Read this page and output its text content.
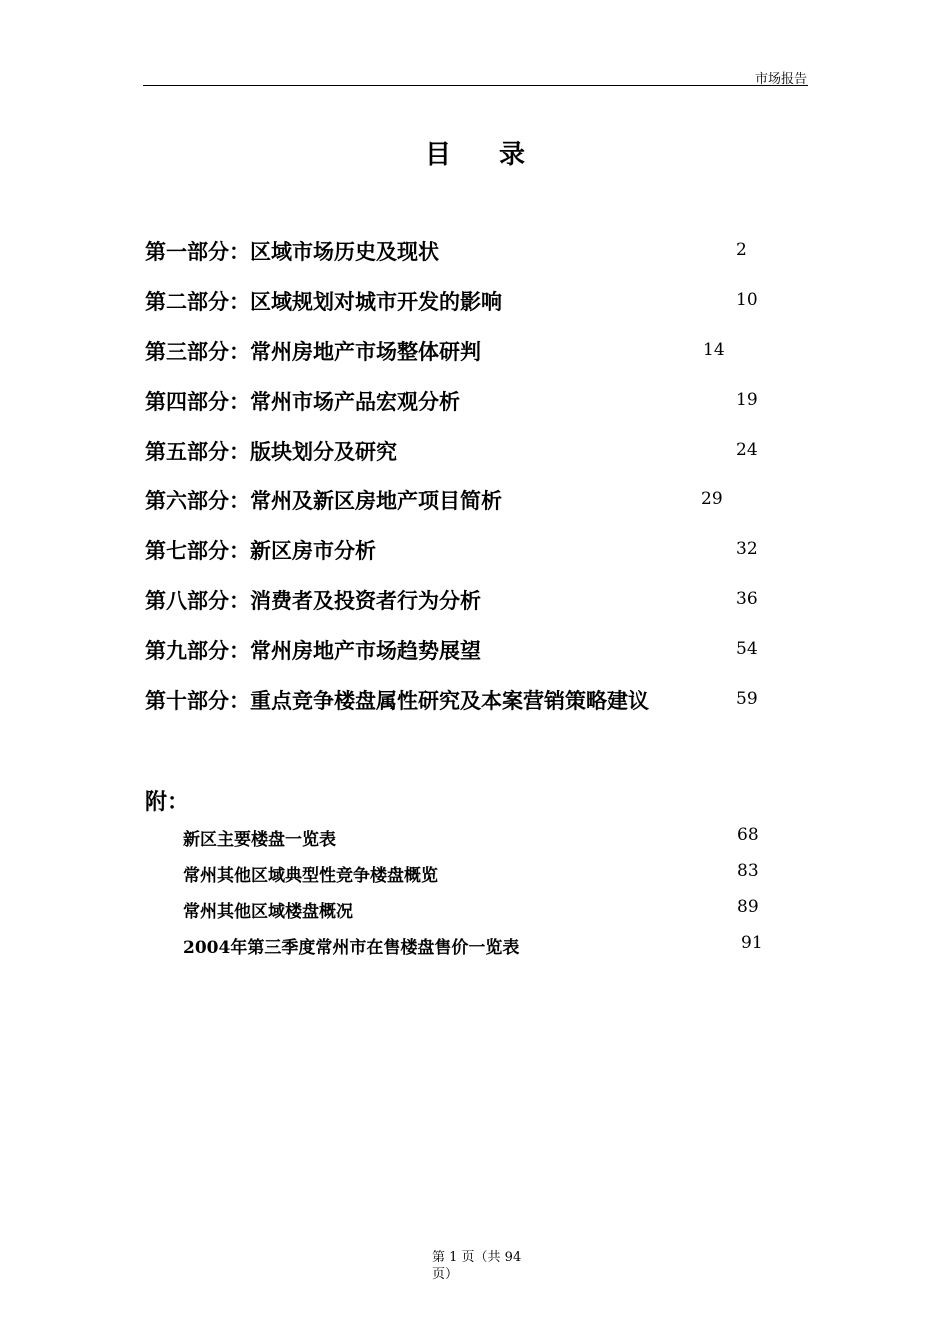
市场报告
目录
第一部分：区域市场历史及现状	2
第二部分：区域规划对城市开发的影响	10
第三部分：常州房地产市场整体研判	14
第四部分：常州市场产品宏观分析	19
第五部分：版块划分及研究	24
第六部分：常州及新区房地产项目简析	29
第七部分：新区房市分析	32
第八部分：消费者及投资者行为分析	36
第九部分：常州房地产市场趋势展望	54
第十部分：重点竞争楼盘属性研究及本案营销策略建议	59
附：
新区主要楼盘一览表	68
常州其他区域典型性竞争楼盘概览	83
常州其他区域楼盘概况	89
2004年第三季度常州市在售楼盘售价一览表	91
第 1 页（共 94
页）
